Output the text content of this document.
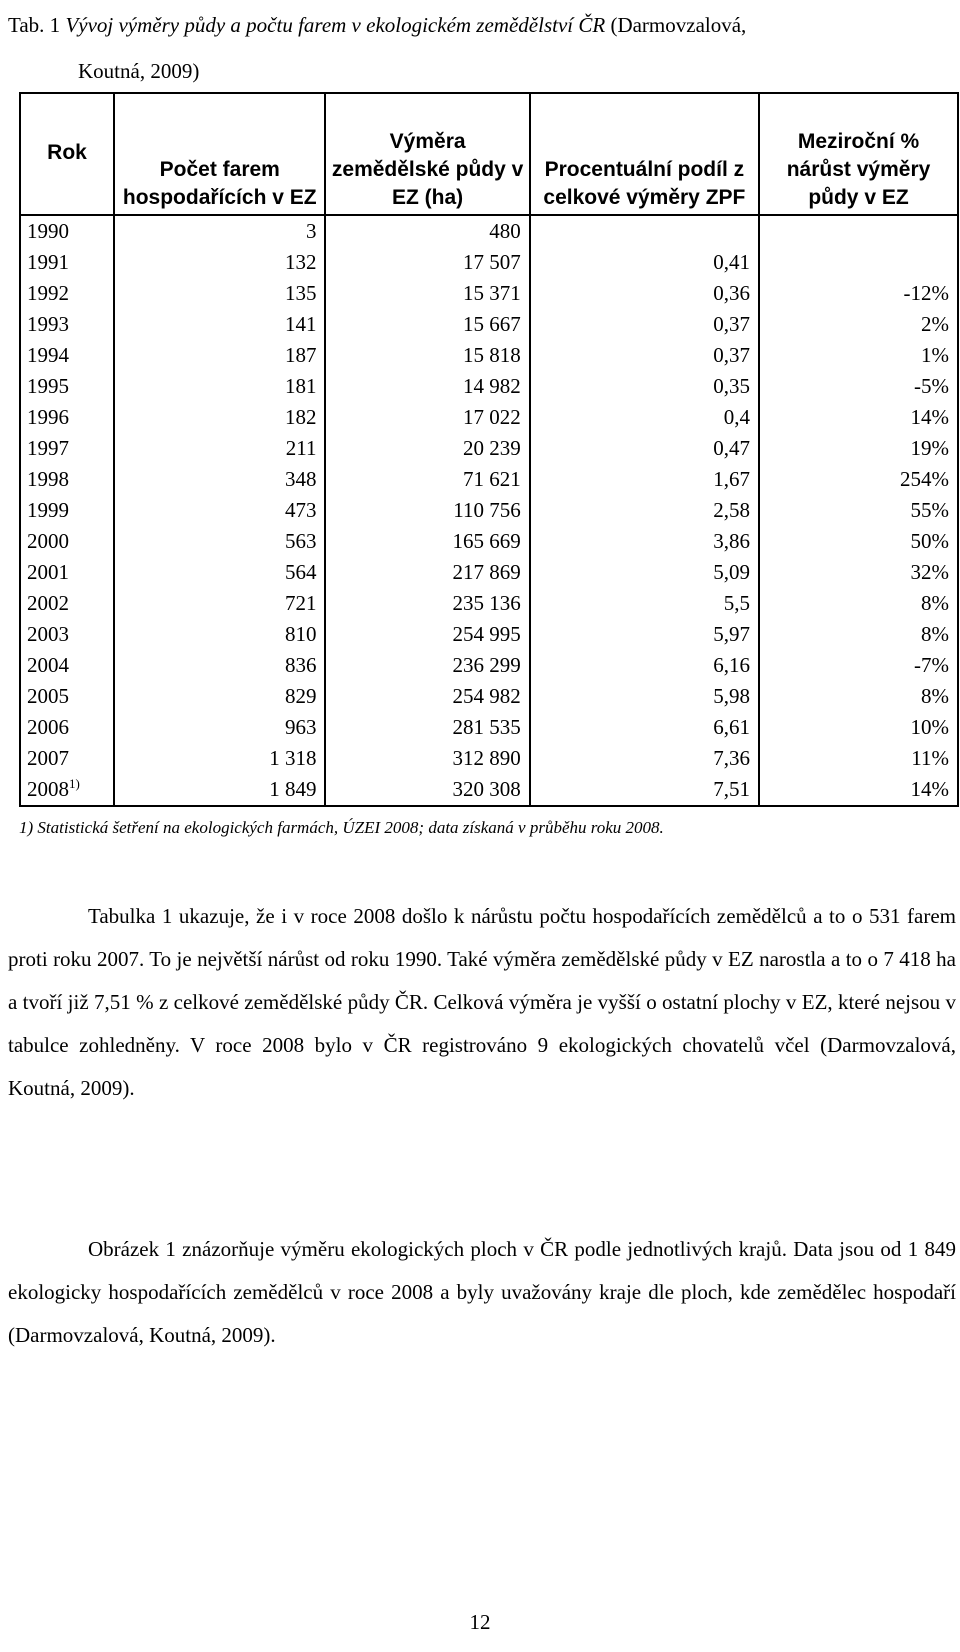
Tab. 1 Vývoj výměry půdy a počtu farem v ekologickém zemědělství ČR (Darmovzalová,
Koutná, 2009)
Rok	Počet farem hospodařících v EZ	Výměra zemědělské půdy v EZ (ha)	Procentuální podíl z celkové výměry ZPF	Meziroční % nárůst výměry půdy v EZ
1990	3	480		
1991	132	17 507	0,41	
1992	135	15 371	0,36	-12%
1993	141	15 667	0,37	2%
1994	187	15 818	0,37	1%
1995	181	14 982	0,35	-5%
1996	182	17 022	0,4	14%
1997	211	20 239	0,47	19%
1998	348	71 621	1,67	254%
1999	473	110 756	2,58	55%
2000	563	165 669	3,86	50%
2001	564	217 869	5,09	32%
2002	721	235 136	5,5	8%
2003	810	254 995	5,97	8%
2004	836	236 299	6,16	-7%
2005	829	254 982	5,98	8%
2006	963	281 535	6,61	10%
2007	1 318	312 890	7,36	11%
2008$^{1)}$	1 849	320 308	7,51	14%
1) Statistická šetření na ekologických farmách, ÚZEI 2008; data získaná v průběhu roku 2008.
Tabulka 1 ukazuje, že i v roce 2008 došlo k nárůstu počtu hospodařících zemědělců a to o 531 farem proti roku 2007. To je největší nárůst od roku 1990. Také výměra zemědělské půdy v EZ narostla a to o 7 418 ha a tvoří již 7,51 % z celkové zemědělské půdy ČR. Celková výměra je vyšší o ostatní plochy v EZ, které nejsou v tabulce zohledněny. V roce 2008 bylo v ČR registrováno 9 ekologických chovatelů včel (Darmovzalová, Koutná, 2009).
Obrázek 1 znázorňuje výměru ekologických ploch v ČR podle jednotlivých krajů. Data jsou od 1 849 ekologicky hospodařících zemědělců v roce 2008 a byly uvažovány kraje dle ploch, kde zemědělec hospodaří (Darmovzalová, Koutná, 2009).
12
